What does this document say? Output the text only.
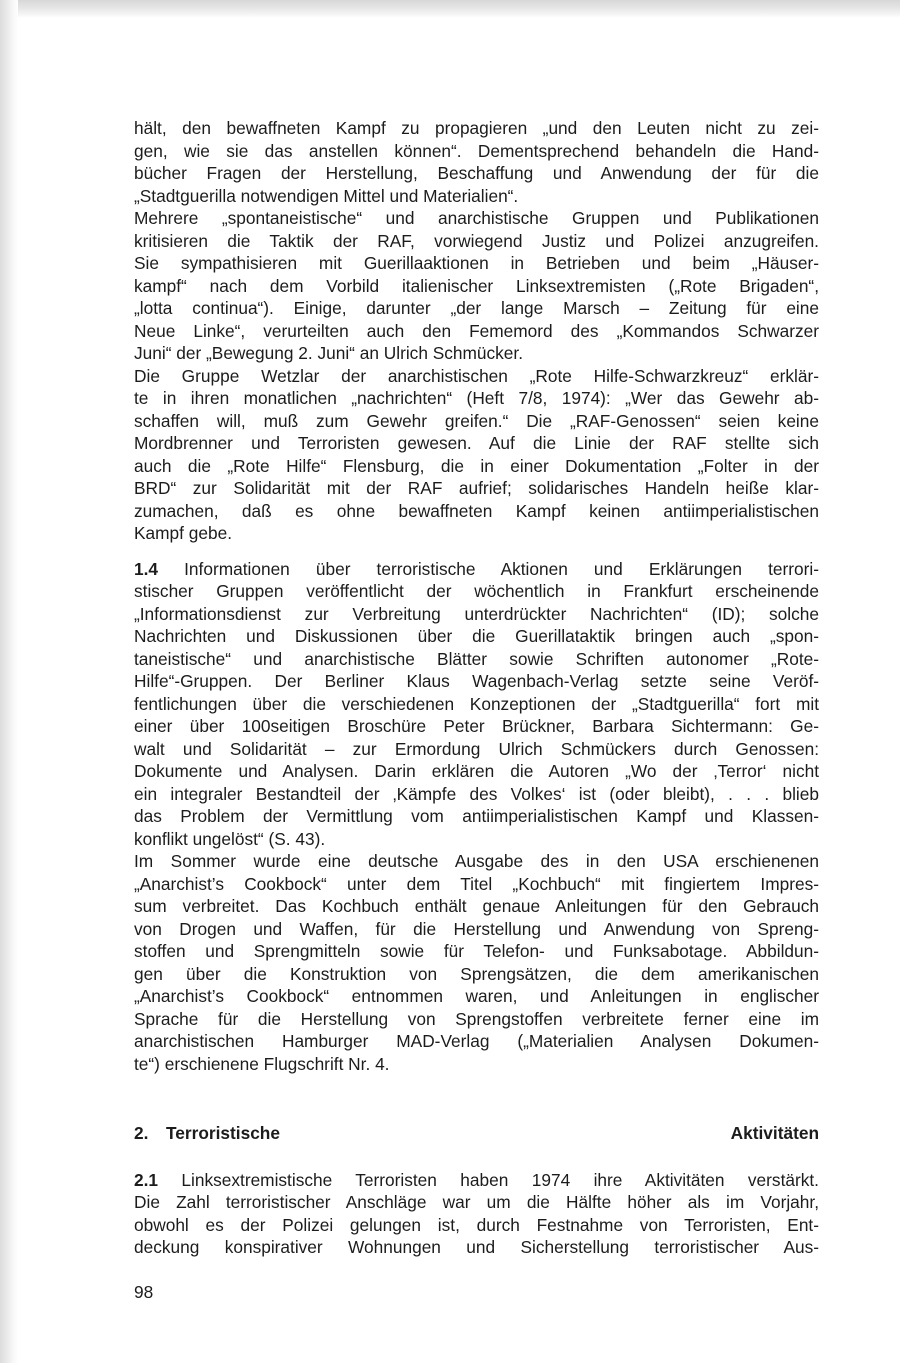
hält, den bewaffneten Kampf zu propagieren „und den Leuten nicht zu zei-
gen, wie sie das anstellen können“. Dementsprechend behandeln die Hand-
bücher Fragen der Herstellung, Beschaffung und Anwendung der für die
„Stadtguerilla notwendigen Mittel und Materialien“.
Mehrere „spontaneistische“ und anarchistische Gruppen und Publikationen
kritisieren die Taktik der RAF, vorwiegend Justiz und Polizei anzugreifen.
Sie sympathisieren mit Guerillaaktionen in Betrieben und beim „Häuser-
kampf“ nach dem Vorbild italienischer Linksextremisten („Rote Brigaden“,
„lotta continua“). Einige, darunter „der lange Marsch – Zeitung für eine
Neue Linke“, verurteilten auch den Fememord des „Kommandos Schwarzer
Juni“ der „Bewegung 2. Juni“ an Ulrich Schmücker.
Die Gruppe Wetzlar der anarchistischen „Rote Hilfe-Schwarzkreuz“ erklär-
te in ihren monatlichen „nachrichten“ (Heft 7/8, 1974): „Wer das Gewehr ab-
schaffen will, muß zum Gewehr greifen.“ Die „RAF-Genossen“ seien keine
Mordbrenner und Terroristen gewesen. Auf die Linie der RAF stellte sich
auch die „Rote Hilfe“ Flensburg, die in einer Dokumentation „Folter in der
BRD“ zur Solidarität mit der RAF aufrief; solidarisches Handeln heiße klar-
zumachen, daß es ohne bewaffneten Kampf keinen antiimperialistischen
Kampf gebe.
1.4 Informationen über terroristische Aktionen und Erklärungen terrori-
stischer Gruppen veröffentlicht der wöchentlich in Frankfurt erscheinende
„Informationsdienst zur Verbreitung unterdrückter Nachrichten“ (ID); solche
Nachrichten und Diskussionen über die Guerillataktik bringen auch „spon-
taneistische“ und anarchistische Blätter sowie Schriften autonomer „Rote-
Hilfe“-Gruppen. Der Berliner Klaus Wagenbach-Verlag setzte seine Veröf-
fentlichungen über die verschiedenen Konzeptionen der „Stadtguerilla“ fort mit
einer über 100seitigen Broschüre Peter Brückner, Barbara Sichtermann: Ge-
walt und Solidarität – zur Ermordung Ulrich Schmückers durch Genossen:
Dokumente und Analysen. Darin erklären die Autoren „Wo der ‚Terror‘ nicht
ein integraler Bestandteil der ‚Kämpfe des Volkes‘ ist (oder bleibt), . . . blieb
das Problem der Vermittlung vom antiimperialistischen Kampf und Klassen-
konflikt ungelöst“ (S. 43).
Im Sommer wurde eine deutsche Ausgabe des in den USA erschienenen
„Anarchist’s Cookbock“ unter dem Titel „Kochbuch“ mit fingiertem Impres-
sum verbreitet. Das Kochbuch enthält genaue Anleitungen für den Gebrauch
von Drogen und Waffen, für die Herstellung und Anwendung von Spreng-
stoffen und Sprengmitteln sowie für Telefon- und Funksabotage. Abbildun-
gen über die Konstruktion von Sprengsätzen, die dem amerikanischen
„Anarchist’s Cookbock“ entnommen waren, und Anleitungen in englischer
Sprache für die Herstellung von Sprengstoffen verbreitete ferner eine im
anarchistischen Hamburger MAD-Verlag („Materialien Analysen Dokumen-
te“) erschienene Flugschrift Nr. 4.
2. Terroristische Aktivitäten
2.1 Linksextremistische Terroristen haben 1974 ihre Aktivitäten verstärkt.
Die Zahl terroristischer Anschläge war um die Hälfte höher als im Vorjahr,
obwohl es der Polizei gelungen ist, durch Festnahme von Terroristen, Ent-
deckung konspirativer Wohnungen und Sicherstellung terroristischer Aus-
98
